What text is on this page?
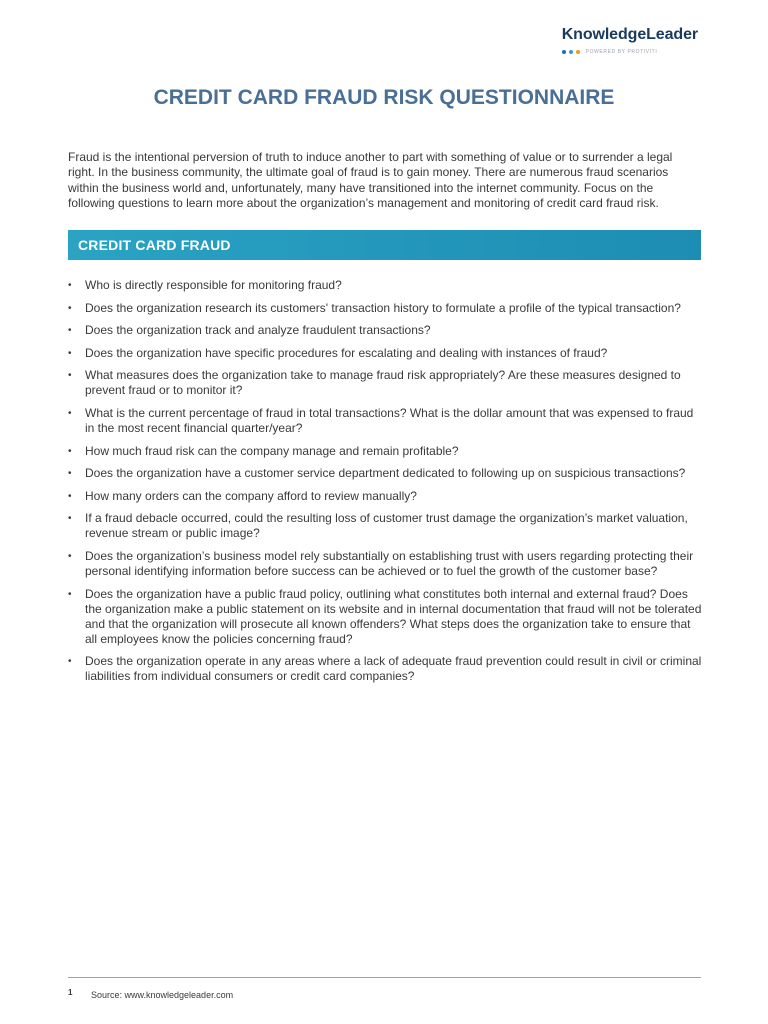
KnowledgeLeader
POWERED BY PROTIVITI
CREDIT CARD FRAUD RISK QUESTIONNAIRE

Fraud is the intentional perversion of truth to induce another to part with something of value or to surrender a legal right. In the business community, the ultimate goal of fraud is to gain money. There are numerous fraud scenarios within the business world and, unfortunately, many have transitioned into the internet community. Focus on the following questions to learn more about the organization’s management and monitoring of credit card fraud risk.

CREDIT CARD FRAUD
• Who is directly responsible for monitoring fraud?
• Does the organization research its customers' transaction history to formulate a profile of the typical transaction?
• Does the organization track and analyze fraudulent transactions?
• Does the organization have specific procedures for escalating and dealing with instances of fraud?
• What measures does the organization take to manage fraud risk appropriately? Are these measures designed to prevent fraud or to monitor it?
• What is the current percentage of fraud in total transactions? What is the dollar amount that was expensed to fraud in the most recent financial quarter/year?
• How much fraud risk can the company manage and remain profitable?
• Does the organization have a customer service department dedicated to following up on suspicious transactions?
• How many orders can the company afford to review manually?
• If a fraud debacle occurred, could the resulting loss of customer trust damage the organization’s market valuation, revenue stream or public image?
• Does the organization’s business model rely substantially on establishing trust with users regarding protecting their personal identifying information before success can be achieved or to fuel the growth of the customer base?
• Does the organization have a public fraud policy, outlining what constitutes both internal and external fraud? Does the organization make a public statement on its website and in internal documentation that fraud will not be tolerated and that the organization will prosecute all known offenders? What steps does the organization take to ensure that all employees know the policies concerning fraud?
• Does the organization operate in any areas where a lack of adequate fraud prevention could result in civil or criminal liabilities from individual consumers or credit card companies?
1 Source: www.knowledgeleader.com
